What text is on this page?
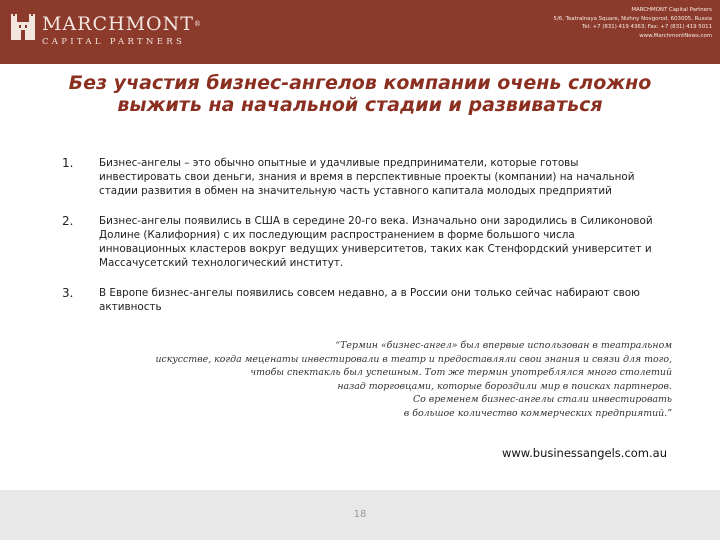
MARCHMONT®
CAPITAL PARTNERS
MARCHMONT Capital Partners
5/6, Teatralnaya Square, Nizhny Novgorod, 603005, Russia
Tel: +7 (831) 419 4363; Fax: +7 (831) 419 5011
www.MarchmontNews.com
Без участия бизнес-ангелов компании очень сложно выжить на начальной стадии и развиваться
1. Бизнес-ангелы – это обычно опытные и удачливые предприниматели, которые готовы инвестировать свои деньги, знания и время в перспективные проекты (компании) на начальной стадии развития в обмен на значительную часть уставного капитала молодых предприятий
2. Бизнес-ангелы появились в США в середине 20-го века. Изначально они зародились в Силиконовой Долине (Калифорния) с их последующим распространением в форме большого числа инновационных кластеров вокруг ведущих университетов, таких как Стенфордский университет и Массачусетский технологический институт.
3. В Европе бизнес-ангелы появились совсем недавно, а в России они только сейчас набирают свою активность
“Термин «бизнес-ангел» был впервые использован в театральном
искусстве, когда меценаты инвестировали в театр и предоставляли свои знания и связи для того,
чтобы спектакль был успешным. Тот же термин употреблялся много столетий
назад торговцами, которые бороздили мир в поисках партнеров.
Со временем бизнес-ангелы стали инвестировать
в большое количество коммерческих предприятий.”
www.businessangels.com.au
18
